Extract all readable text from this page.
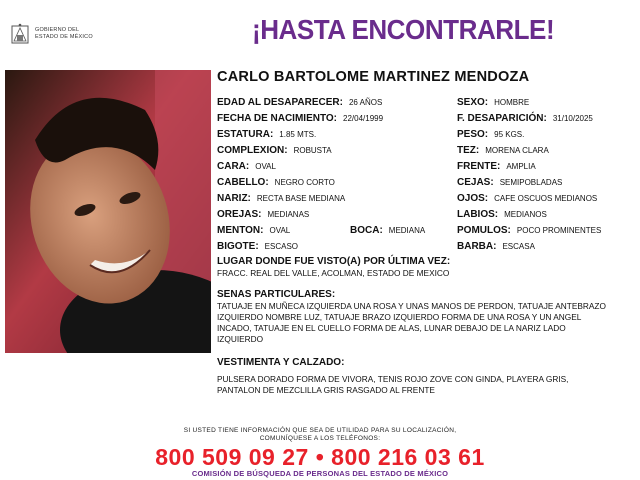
GOBIERNO DEL
ESTADO DE MÉXICO	¡HASTA ENCONTRARLE!
CARLO BARTOLOME MARTINEZ MENDOZA
EDAD AL DESAPARECER: 26 AÑOS	SEXO: HOMBRE
FECHA DE NACIMIENTO: 22/04/1999	F. DESAPARICIÓN: 31/10/2025
ESTATURA: 1.85 MTS.	PESO: 95 KGS.
COMPLEXION: ROBUSTA	TEZ: MORENA CLARA
CARA: OVAL	FRENTE: AMPLIA
CABELLO: NEGRO CORTO	CEJAS: SEMIPOBLADAS
NARIZ: RECTA BASE MEDIANA	OJOS: CAFE OSCUOS MEDIANOS
OREJAS: MEDIANAS	LABIOS: MEDIANOS
MENTON: OVAL	BOCA: MEDIANA	POMULOS: POCO PROMINENTES
BIGOTE: ESCASO	BARBA: ESCASA
LUGAR DONDE FUE VISTO(A) POR ÚLTIMA VEZ:
FRACC. REAL DEL VALLE, ACOLMAN, ESTADO DE MEXICO
SENAS PARTICULARES:
TATUAJE EN MUÑECA IZQUIERDA UNA ROSA Y UNAS MANOS DE PERDON, TATUAJE ANTEBRAZO IZQUIERDO NOMBRE LUZ, TATUAJE BRAZO IZQUIERDO FORMA DE UNA ROSA Y UN ANGEL INCADO, TATUAJE EN EL CUELLO FORMA DE ALAS, LUNAR DEBAJO DE LA NARIZ LADO IZQUIERDO
VESTIMENTA Y CALZADO:
PULSERA DORADO FORMA DE VIVORA, TENIS ROJO ZOVE CON GINDA, PLAYERA GRIS, PANTALON DE MEZCLILLA GRIS RASGADO AL FRENTE
SI USTED TIENE INFORMACIÓN QUE SEA DE UTILIDAD PARA SU LOCALIZACIÓN,
COMUNÍQUESE A LOS TELÉFONOS:
800 509 09 27 • 800 216 03 61
COMISIÓN DE BÚSQUEDA DE PERSONAS DEL ESTADO DE MÉXICO
